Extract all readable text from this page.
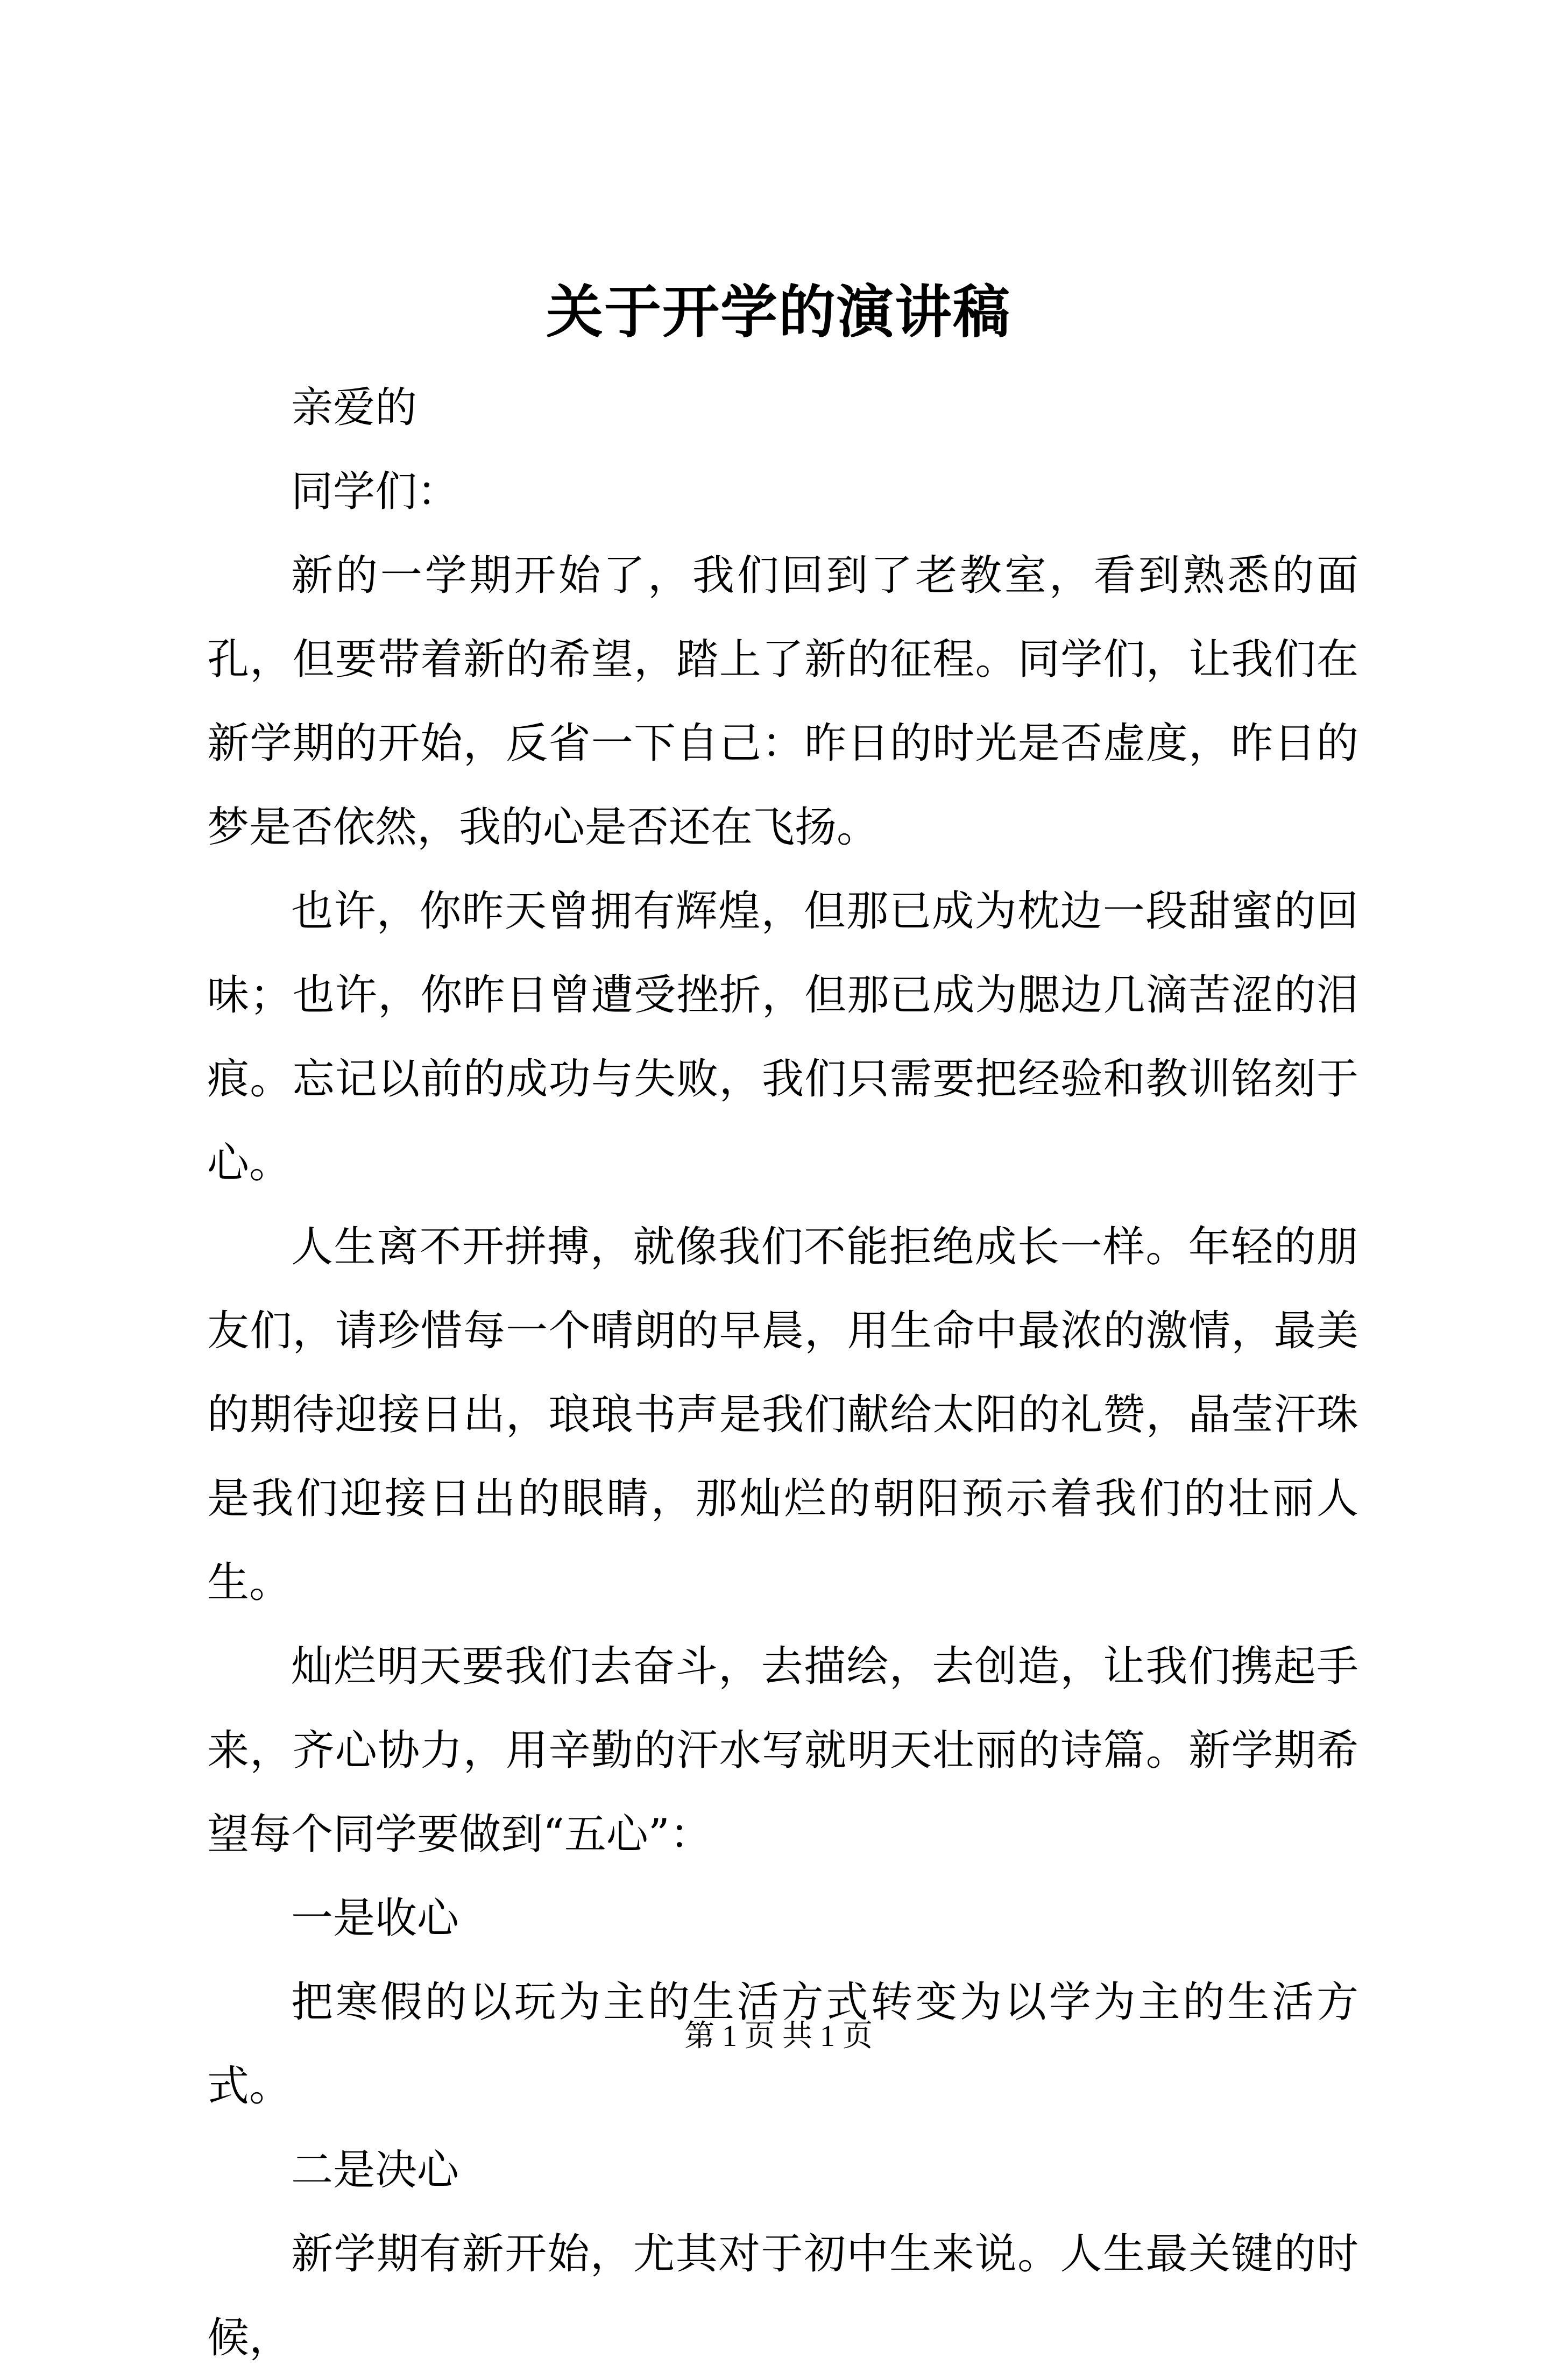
关于开学的演讲稿

亲爱的

同学们：

新的一学期开始了，我们回到了老教室，看到熟悉的面孔，但要带着新的希望，踏上了新的征程。同学们，让我们在新学期的开始，反省一下自己：昨日的时光是否虚度，昨日的梦是否依然，我的心是否还在飞扬。

也许，你昨天曾拥有辉煌，但那已成为枕边一段甜蜜的回味；也许，你昨日曾遭受挫折，但那已成为腮边几滴苦涩的泪痕。忘记以前的成功与失败，我们只需要把经验和教训铭刻于心。

人生离不开拼搏，就像我们不能拒绝成长一样。年轻的朋友们，请珍惜每一个晴朗的早晨，用生命中最浓的激情，最美的期待迎接日出，琅琅书声是我们献给太阳的礼赞，晶莹汗珠是我们迎接日出的眼睛，那灿烂的朝阳预示着我们的壮丽人生。

灿烂明天要我们去奋斗，去描绘，去创造，让我们携起手来，齐心协力，用辛勤的汗水写就明天壮丽的诗篇。新学期希望每个同学要做到“五心”：

一是收心

把寒假的以玩为主的生活方式转变为以学为主的生活方式。

二是决心

新学期有新开始，尤其对于初中生来说。人生最关键的时候，

第 1 页 共 1 页
